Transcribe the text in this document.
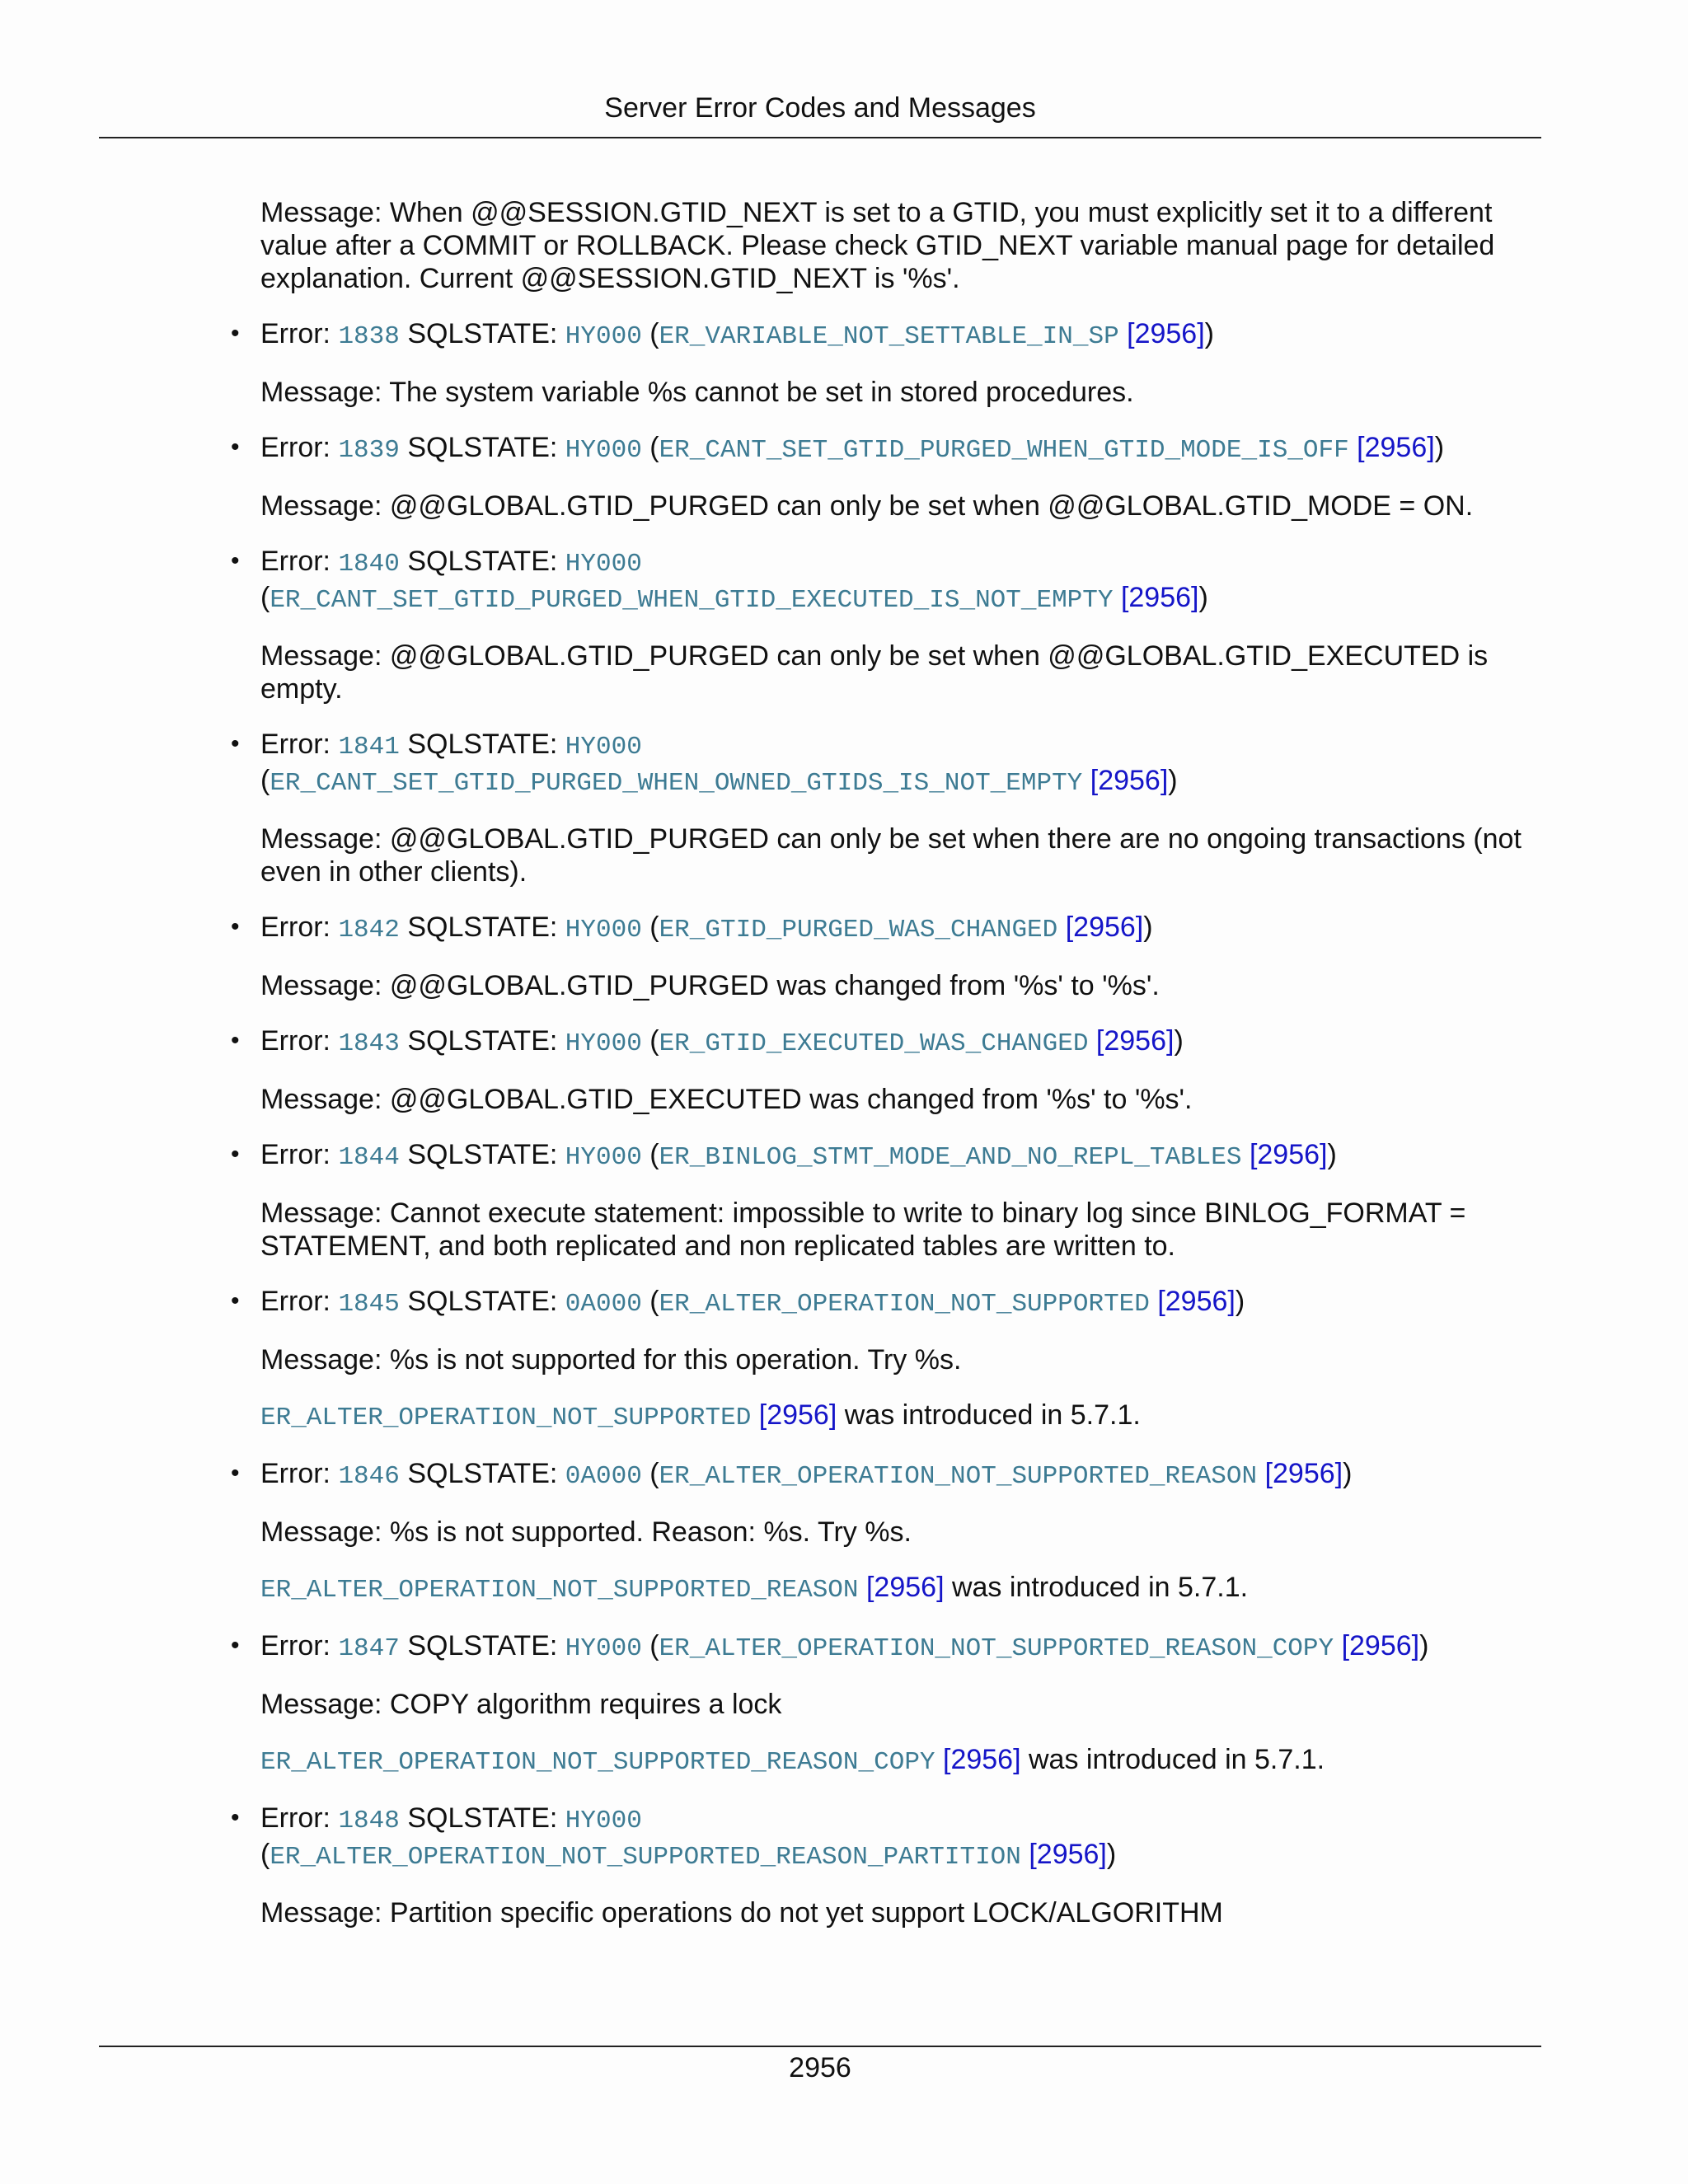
Server Error Codes and Messages

Message: When @@SESSION.GTID_NEXT is set to a GTID, you must explicitly set it to a different value after a COMMIT or ROLLBACK. Please check GTID_NEXT variable manual page for detailed explanation. Current @@SESSION.GTID_NEXT is '%s'.

• Error: 1838 SQLSTATE: HY000 (ER_VARIABLE_NOT_SETTABLE_IN_SP [2956])

Message: The system variable %s cannot be set in stored procedures.

• Error: 1839 SQLSTATE: HY000 (ER_CANT_SET_GTID_PURGED_WHEN_GTID_MODE_IS_OFF [2956])

Message: @@GLOBAL.GTID_PURGED can only be set when @@GLOBAL.GTID_MODE = ON.

• Error: 1840 SQLSTATE: HY000
(ER_CANT_SET_GTID_PURGED_WHEN_GTID_EXECUTED_IS_NOT_EMPTY [2956])

Message: @@GLOBAL.GTID_PURGED can only be set when @@GLOBAL.GTID_EXECUTED is empty.

• Error: 1841 SQLSTATE: HY000
(ER_CANT_SET_GTID_PURGED_WHEN_OWNED_GTIDS_IS_NOT_EMPTY [2956])

Message: @@GLOBAL.GTID_PURGED can only be set when there are no ongoing transactions (not even in other clients).

• Error: 1842 SQLSTATE: HY000 (ER_GTID_PURGED_WAS_CHANGED [2956])

Message: @@GLOBAL.GTID_PURGED was changed from '%s' to '%s'.

• Error: 1843 SQLSTATE: HY000 (ER_GTID_EXECUTED_WAS_CHANGED [2956])

Message: @@GLOBAL.GTID_EXECUTED was changed from '%s' to '%s'.

• Error: 1844 SQLSTATE: HY000 (ER_BINLOG_STMT_MODE_AND_NO_REPL_TABLES [2956])

Message: Cannot execute statement: impossible to write to binary log since BINLOG_FORMAT = STATEMENT, and both replicated and non replicated tables are written to.

• Error: 1845 SQLSTATE: 0A000 (ER_ALTER_OPERATION_NOT_SUPPORTED [2956])

Message: %s is not supported for this operation. Try %s.

ER_ALTER_OPERATION_NOT_SUPPORTED [2956] was introduced in 5.7.1.

• Error: 1846 SQLSTATE: 0A000 (ER_ALTER_OPERATION_NOT_SUPPORTED_REASON [2956])

Message: %s is not supported. Reason: %s. Try %s.

ER_ALTER_OPERATION_NOT_SUPPORTED_REASON [2956] was introduced in 5.7.1.

• Error: 1847 SQLSTATE: HY000 (ER_ALTER_OPERATION_NOT_SUPPORTED_REASON_COPY [2956])

Message: COPY algorithm requires a lock

ER_ALTER_OPERATION_NOT_SUPPORTED_REASON_COPY [2956] was introduced in 5.7.1.

• Error: 1848 SQLSTATE: HY000
(ER_ALTER_OPERATION_NOT_SUPPORTED_REASON_PARTITION [2956])

Message: Partition specific operations do not yet support LOCK/ALGORITHM

2956
